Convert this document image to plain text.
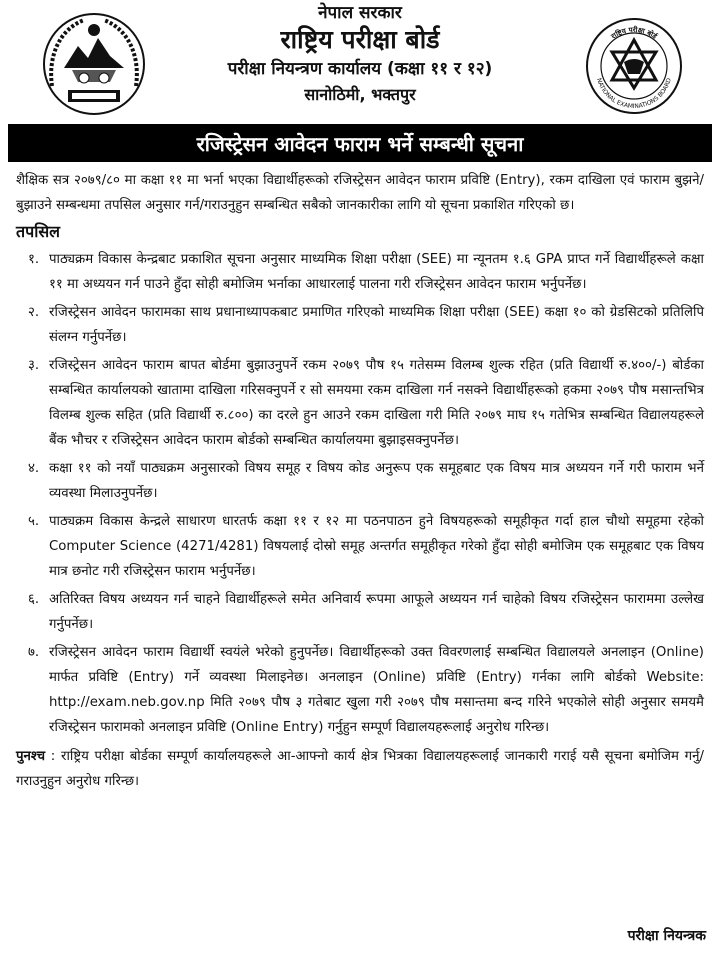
नेपाल सरकार
राष्ट्रिय परीक्षा बोर्ड
परीक्षा नियन्त्रण कार्यालय (कक्षा ११ र १२)
सानोठिमी, भक्तपुर
राष्ट्रिय परीक्षा बोर्ड
NATIONAL EXAMINATIONS BOARD
रजिस्ट्रेसन आवेदन फाराम भर्ने सम्बन्धी सूचना

शैक्षिक सत्र २०७९/८० मा कक्षा ११ मा भर्ना भएका विद्यार्थीहरूको रजिस्ट्रेसन आवेदन फाराम प्रविष्टि (Entry), रकम दाखिला एवं फाराम बुझने/बुझाउने सम्बन्धमा तपसिल अनुसार गर्न/गराउनुहुन सम्बन्धित सबैको जानकारीका लागि यो सूचना प्रकाशित गरिएको छ।

तपसिल
१. पाठ्यक्रम विकास केन्द्रबाट प्रकाशित सूचना अनुसार माध्यमिक शिक्षा परीक्षा (SEE) मा न्यूनतम १.६ GPA प्राप्त गर्ने विद्यार्थीहरूले कक्षा ११ मा अध्ययन गर्न पाउने हुँदा सोही बमोजिम भर्नाका आधारलाई पालना गरी रजिस्ट्रेसन आवेदन फाराम भर्नुपर्नेछ।
२. रजिस्ट्रेसन आवेदन फारामका साथ प्रधानाध्यापकबाट प्रमाणित गरिएको माध्यमिक शिक्षा परीक्षा (SEE) कक्षा १० को ग्रेडसिटको प्रतिलिपि संलग्न गर्नुपर्नेछ।
३. रजिस्ट्रेसन आवेदन फाराम बापत बोर्डमा बुझाउनुपर्ने रकम २०७९ पौष १५ गतेसम्म विलम्ब शुल्क रहित (प्रति विद्यार्थी रु.४००/-) बोर्डका सम्बन्धित कार्यालयको खातामा दाखिला गरिसक्नुपर्ने र सो समयमा रकम दाखिला गर्न नसक्ने विद्यार्थीहरूको हकमा २०७९ पौष मसान्तभित्र विलम्ब शुल्क सहित (प्रति विद्यार्थी रु.८००) का दरले हुन आउने रकम दाखिला गरी मिति २०७९ माघ १५ गतेभित्र सम्बन्धित विद्यालयहरूले बैंक भौचर र रजिस्ट्रेसन आवेदन फाराम बोर्डको सम्बन्धित कार्यालयमा बुझाइसक्नुपर्नेछ।
४. कक्षा ११ को नयाँ पाठ्यक्रम अनुसारको विषय समूह र विषय कोड अनुरूप एक समूहबाट एक विषय मात्र अध्ययन गर्ने गरी फाराम भर्ने व्यवस्था मिलाउनुपर्नेछ।
५. पाठ्यक्रम विकास केन्द्रले साधारण धारतर्फ कक्षा ११ र १२ मा पठनपाठन हुने विषयहरूको समूहीकृत गर्दा हाल चौथो समूहमा रहेको Computer Science (4271/4281) विषयलाई दोस्रो समूह अन्तर्गत समूहीकृत गरेको हुँदा सोही बमोजिम एक समूहबाट एक विषय मात्र छनोट गरी रजिस्ट्रेसन फाराम भर्नुपर्नेछ।
६. अतिरिक्त विषय अध्ययन गर्न चाहने विद्यार्थीहरूले समेत अनिवार्य रूपमा आफूले अध्ययन गर्न चाहेको विषय रजिस्ट्रेसन फाराममा उल्लेख गर्नुपर्नेछ।
७. रजिस्ट्रेसन आवेदन फाराम विद्यार्थी स्वयंले भरेको हुनुपर्नेछ। विद्यार्थीहरूको उक्त विवरणलाई सम्बन्धित विद्यालयले अनलाइन (Online) मार्फत प्रविष्टि (Entry) गर्ने व्यवस्था मिलाइनेछ। अनलाइन (Online) प्रविष्टि (Entry) गर्नका लागि बोर्डको Website: http://exam.neb.gov.np मिति २०७९ पौष ३ गतेबाट खुला गरी २०७९ पौष मसान्तमा बन्द गरिने भएकोले सोही अनुसार समयमै रजिस्ट्रेसन फारामको अनलाइन प्रविष्टि (Online Entry) गर्नुहुन सम्पूर्ण विद्यालयहरूलाई अनुरोध गरिन्छ।
पुनश्च : राष्ट्रिय परीक्षा बोर्डका सम्पूर्ण कार्यालयहरूले आ-आफ्नो कार्य क्षेत्र भित्रका विद्यालयहरूलाई जानकारी गराई यसै सूचना बमोजिम गर्नु/गराउनुहुन अनुरोध गरिन्छ।
परीक्षा नियन्त्रक
